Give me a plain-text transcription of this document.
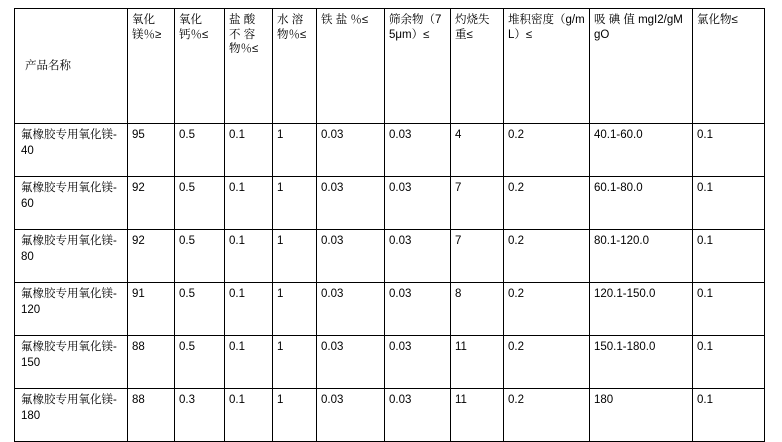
产品名称	氧化镁％≥	氧化钙％≤	盐 酸 不 容 物％≤	水 溶 物％≤	铁 盐 ％≤	筛余物（75μm）≤	灼烧失重≤	堆积密度（g/mL）≤	吸 碘 值 mgI2/gMgO	氯化物≤
氟橡胶专用氧化镁-40	95	0.5	0.1	1	0.03	0.03	4	0.2	40.1-60.0	0.1
氟橡胶专用氧化镁-60	92	0.5	0.1	1	0.03	0.03	7	0.2	60.1-80.0	0.1
氟橡胶专用氧化镁-80	92	0.5	0.1	1	0.03	0.03	7	0.2	80.1-120.0	0.1
氟橡胶专用氧化镁-120	91	0.5	0.1	1	0.03	0.03	8	0.2	120.1-150.0	0.1
氟橡胶专用氧化镁-150	88	0.5	0.1	1	0.03	0.03	11	0.2	150.1-180.0	0.1
氟橡胶专用氧化镁-180	88	0.3	0.1	1	0.03	0.03	11	0.2	180	0.1
